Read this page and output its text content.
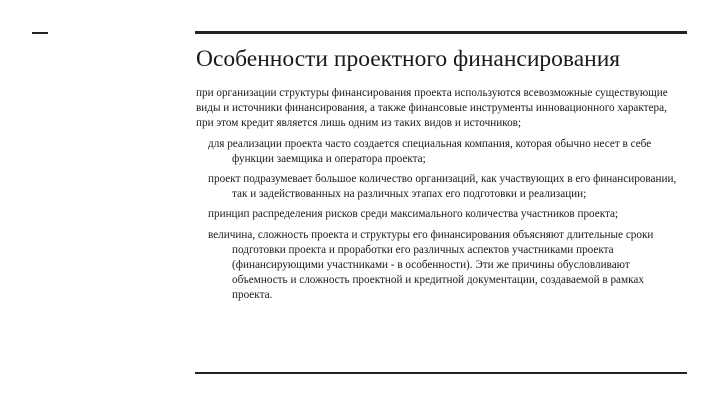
Особенности проектного финансирования

при организации структуры финансирования проекта используются всевозможные существующие виды и источники финансирования, а также финансовые инструменты инновационного характера, при этом кредит является лишь одним из таких видов и источников;

для реализации проекта часто создается специальная компания, которая обычно несет в себе функции заемщика и оператора проекта;

проект подразумевает большое количество организаций, как участвующих в его финансировании, так и задействованных на различных этапах его подготовки и реализации;

принцип распределения рисков среди максимального количества участников проекта;

величина, сложность проекта и структуры его финансирования объясняют длительные сроки подготовки проекта и проработки его различных аспектов участниками проекта (финансирующими участниками - в особенности). Эти же причины обусловливают объемность и сложность проектной и кредитной документации, создаваемой в рамках проекта.
